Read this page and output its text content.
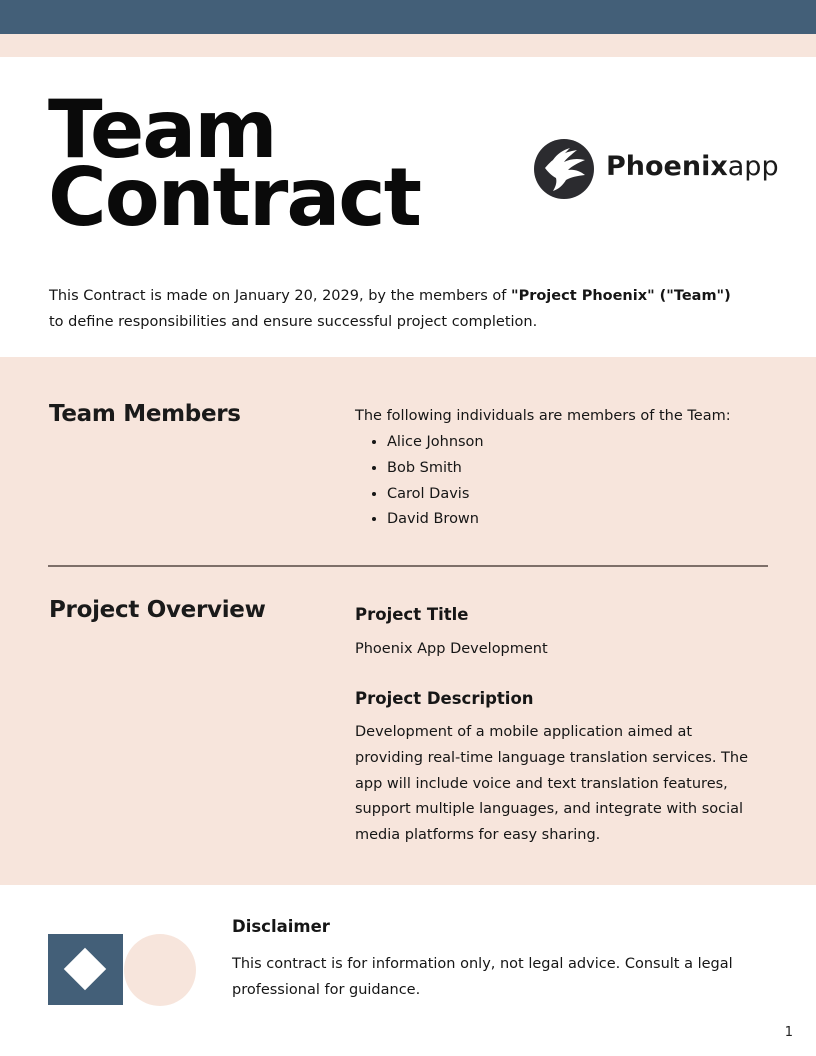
Team
Contract	Phoenixapp

This Contract is made on January 20, 2029, by the members of "Project Phoenix" ("Team") to define responsibilities and ensure successful project completion.

Team Members	The following individuals are members of the Team:

• Alice Johnson
• Bob Smith
• Carol Davis
• David Brown
Project Overview	Project Title

Phoenix App Development

Project Description

Development of a mobile application aimed at providing real-time language translation services. The app will include voice and text translation features, support multiple languages, and integrate with social media platforms for easy sharing.

Disclaimer

This contract is for information only, not legal advice. Consult a legal professional for guidance.

1
